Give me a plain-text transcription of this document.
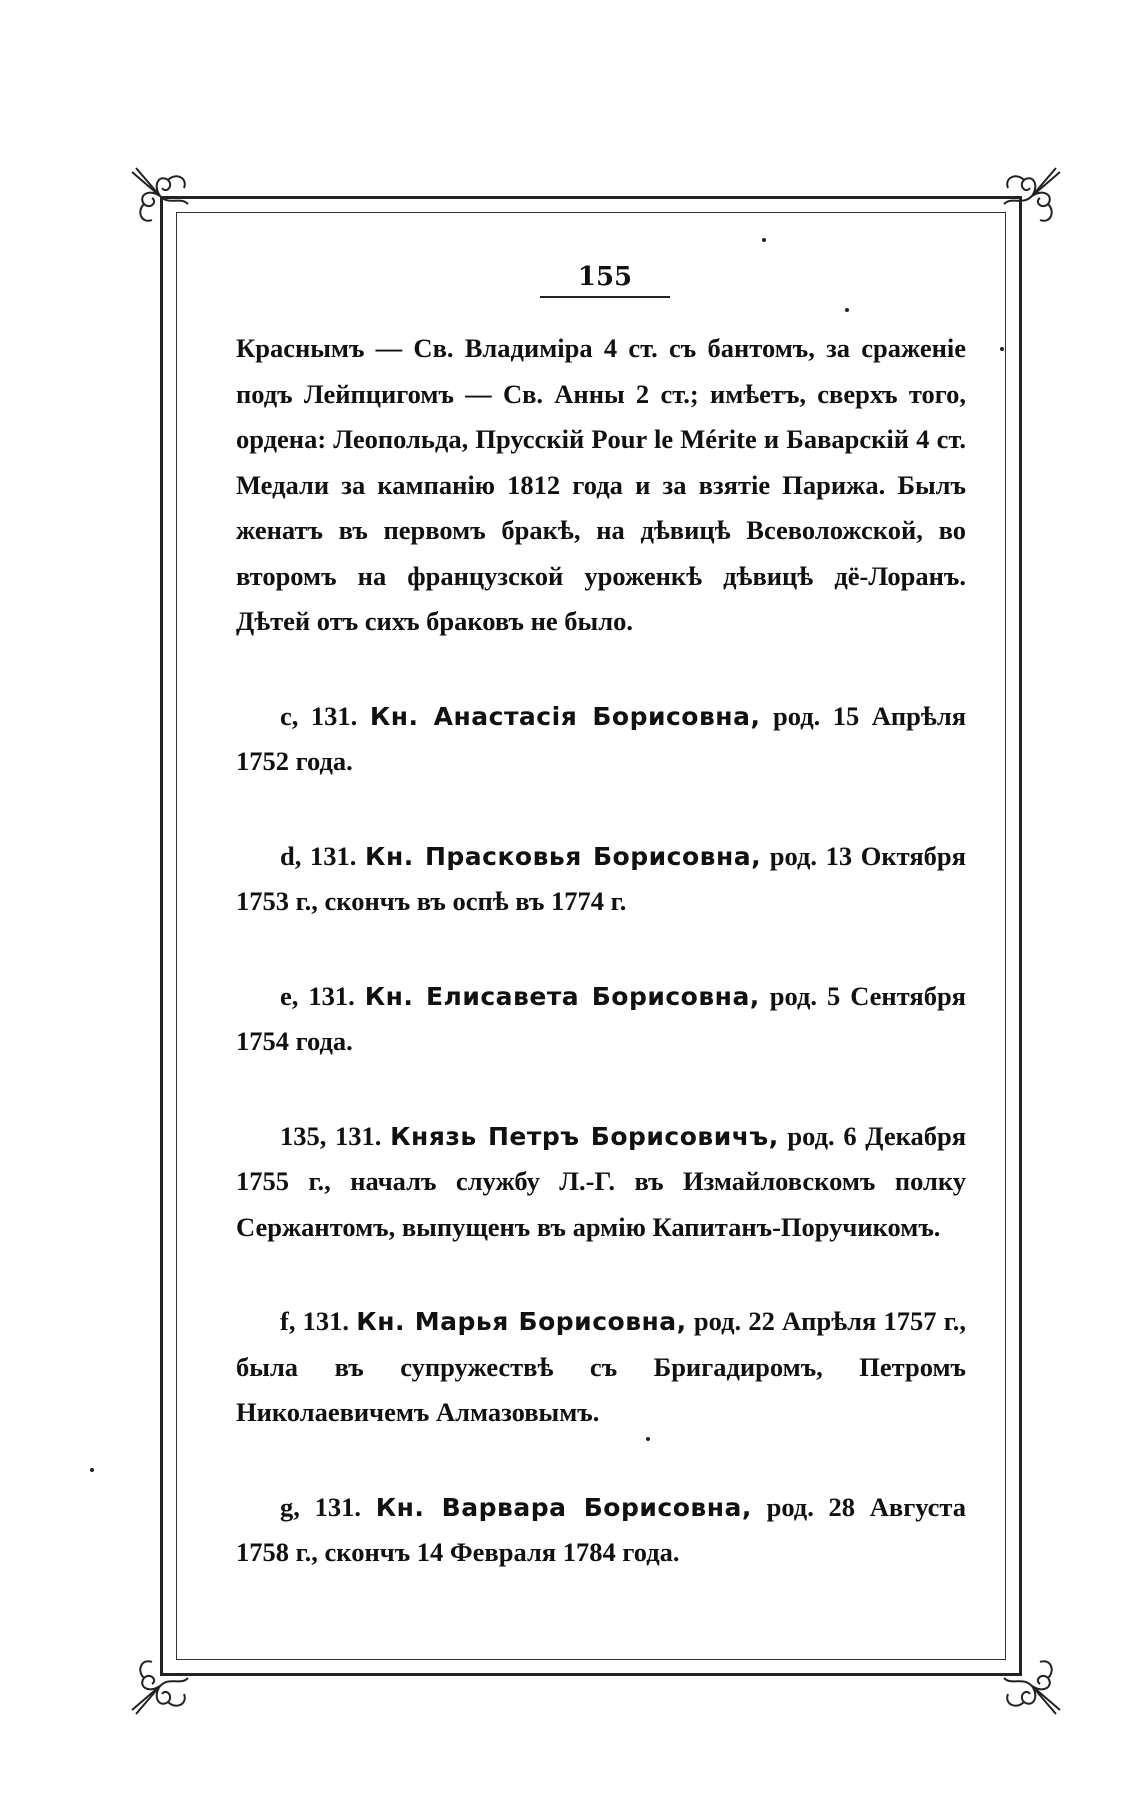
155

Краснымъ — Св. Владиміра 4 ст. съ бантомъ, за сраженіе подъ Лейпцигомъ — Св. Анны 2 ст.; имѣетъ, сверхъ того, ордена: Леопольда, Прусскій Pour le Mérite и Баварскій 4 ст. Медали за кампанію 1812 года и за взятіе Парижа. Былъ женатъ въ первомъ бракѣ, на дѣвицѣ Всеволожской, во второмъ на французской уроженкѣ дѣвицѣ дё-Лоранъ. Дѣтей отъ сихъ браковъ не было.

c, 131. Кн. Анастасія Борисовна, род. 15 Апрѣля 1752 года.

d, 131. Кн. Прасковья Борисовна, род. 13 Октября 1753 г., скончъ въ оспѣ въ 1774 г.

e, 131. Кн. Елисавета Борисовна, род. 5 Сентября 1754 года.

135, 131. Князь Петръ Борисовичъ, род. 6 Декабря 1755 г., началъ службу Л.-Г. въ Измайловскомъ полку Сержантомъ, выпущенъ въ армію Капитанъ-Поручикомъ.

f, 131. Кн. Марья Борисовна, род. 22 Апрѣля 1757 г., была въ супружествѣ съ Бригадиромъ, Петромъ Николаевичемъ Алмазовымъ.

g, 131. Кн. Варвара Борисовна, род. 28 Августа 1758 г., скончъ 14 Февраля 1784 года.
